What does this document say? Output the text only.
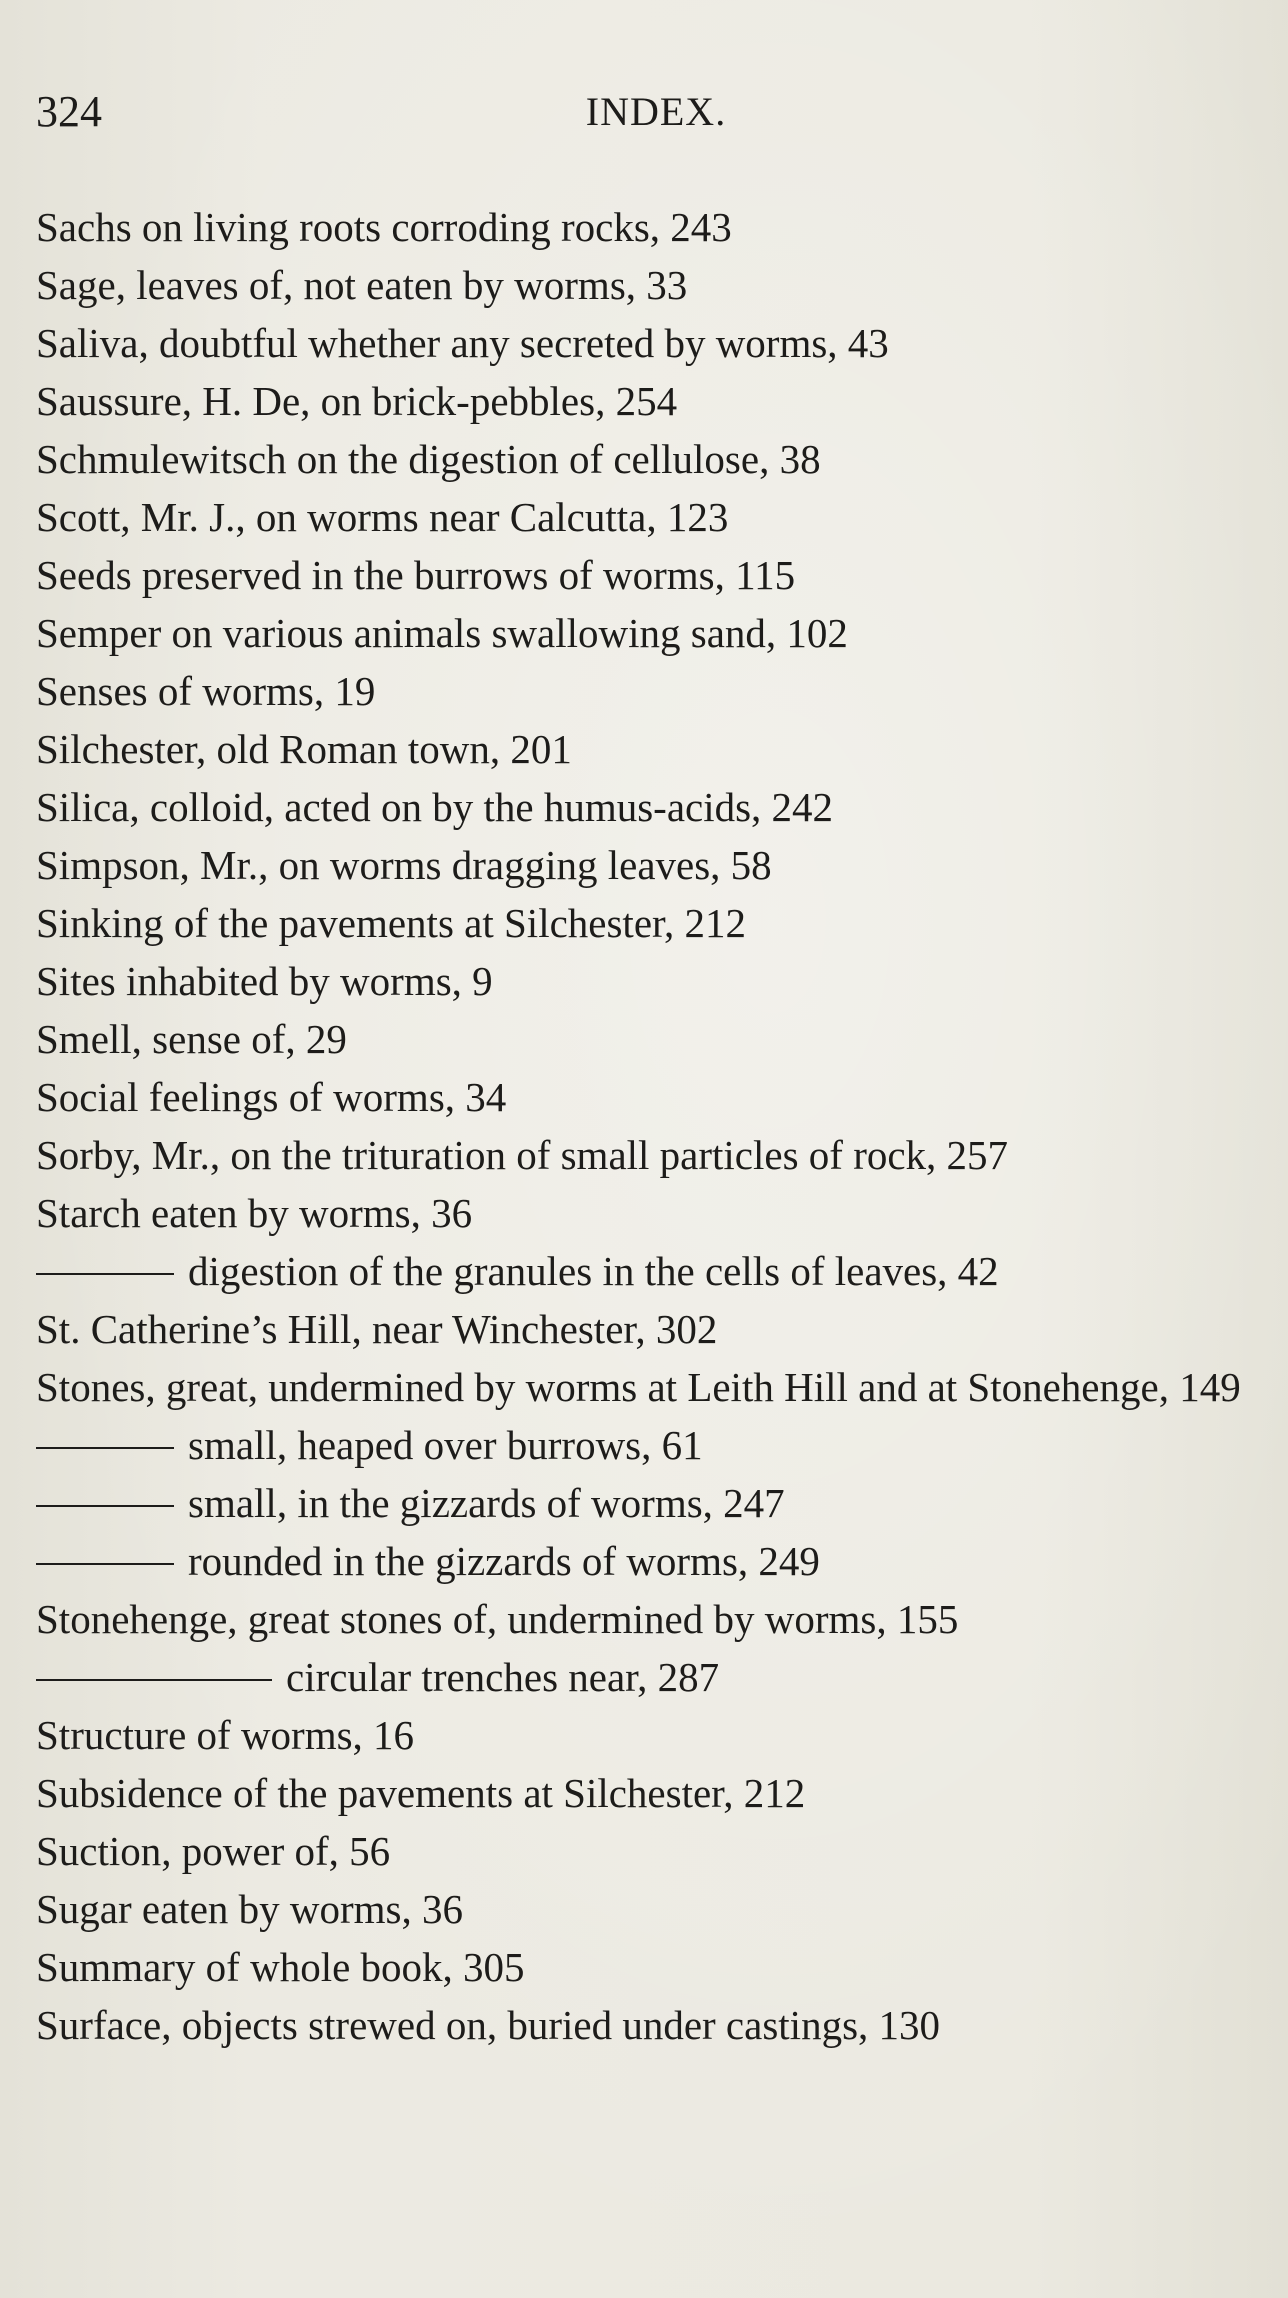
324	INDEX.
Sachs on living roots corroding rocks, 243
Sage, leaves of, not eaten by worms, 33
Saliva, doubtful whether any secreted by worms, 43
Saussure, H. De, on brick-pebbles, 254
Schmulewitsch on the digestion of cellulose, 38
Scott, Mr. J., on worms near Calcutta, 123
Seeds preserved in the burrows of worms, 115
Semper on various animals swallowing sand, 102
Senses of worms, 19
Silchester, old Roman town, 201
Silica, colloid, acted on by the humus-acids, 242
Simpson, Mr., on worms dragging leaves, 58
Sinking of the pavements at Silchester, 212
Sites inhabited by worms, 9
Smell, sense of, 29
Social feelings of worms, 34
Sorby, Mr., on the trituration of small particles of rock, 257
Starch eaten by worms, 36
digestion of the granules in the cells of leaves, 42
St. Catherine’s Hill, near Winchester, 302
Stones, great, undermined by worms at Leith Hill and at Stonehenge, 149
small, heaped over burrows, 61
small, in the gizzards of worms, 247
rounded in the gizzards of worms, 249
Stonehenge, great stones of, undermined by worms, 155
circular trenches near, 287
Structure of worms, 16
Subsidence of the pavements at Silchester, 212
Suction, power of, 56
Sugar eaten by worms, 36
Summary of whole book, 305
Surface, objects strewed on, buried under castings, 130
